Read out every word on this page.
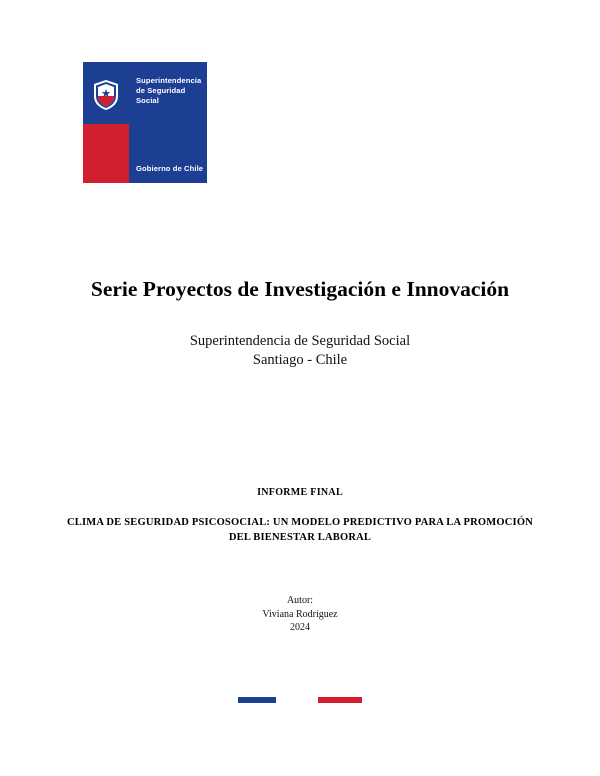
Superintendencia de Seguridad Social
Gobierno de Chile
Serie Proyectos de Investigación e Innovación
Superintendencia de Seguridad Social
Santiago - Chile
INFORME FINAL
CLIMA DE SEGURIDAD PSICOSOCIAL: UN MODELO PREDICTIVO PARA LA PROMOCIÓN DEL BIENESTAR LABORAL
Autor:
Viviana Rodríguez
2024
